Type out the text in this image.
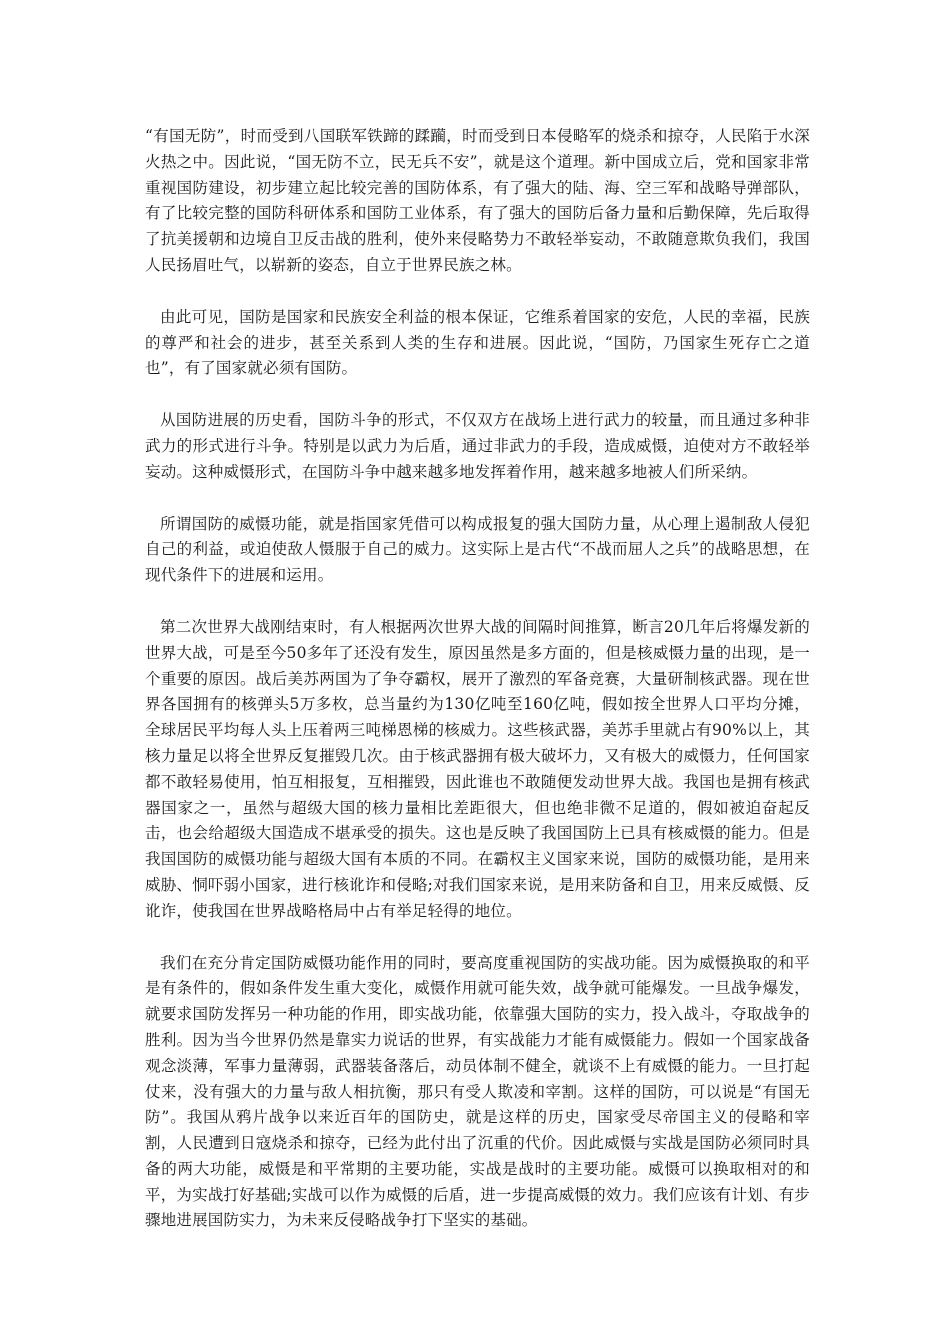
“有国无防”，时而受到八国联军铁蹄的蹂躏，时而受到日本侵略军的烧杀和掠夺，人民陷于水深火热之中。因此说，“国无防不立，民无兵不安”，就是这个道理。新中国成立后，党和国家非常重视国防建设，初步建立起比较完善的国防体系，有了强大的陆、海、空三军和战略导弹部队，有了比较完整的国防科研体系和国防工业体系，有了强大的国防后备力量和后勤保障，先后取得了抗美援朝和边境自卫反击战的胜利，使外来侵略势力不敢轻举妄动，不敢随意欺负我们，我国人民扬眉吐气，以崭新的姿态，自立于世界民族之林。

由此可见，国防是国家和民族安全利益的根本保证，它维系着国家的安危，人民的幸福，民族的尊严和社会的进步，甚至关系到人类的生存和进展。因此说，“国防，乃国家生死存亡之道也”，有了国家就必须有国防。

从国防进展的历史看，国防斗争的形式，不仅双方在战场上进行武力的较量，而且通过多种非武力的形式进行斗争。特别是以武力为后盾，通过非武力的手段，造成威慑，迫使对方不敢轻举妄动。这种威慑形式，在国防斗争中越来越多地发挥着作用，越来越多地被人们所采纳。

所谓国防的威慑功能，就是指国家凭借可以构成报复的强大国防力量，从心理上遏制敌人侵犯自己的利益，或迫使敌人慑服于自己的威力。这实际上是古代“不战而屈人之兵”的战略思想，在现代条件下的进展和运用。

第二次世界大战刚结束时，有人根据两次世界大战的间隔时间推算，断言20几年后将爆发新的世界大战，可是至今50多年了还没有发生，原因虽然是多方面的，但是核威慑力量的出现，是一个重要的原因。战后美苏两国为了争夺霸权，展开了激烈的军备竞赛，大量研制核武器。现在世界各国拥有的核弹头5万多枚，总当量约为130亿吨至160亿吨，假如按全世界人口平均分摊，全球居民平均每人头上压着两三吨梯恩梯的核威力。这些核武器，美苏手里就占有90%以上，其核力量足以将全世界反复摧毁几次。由于核武器拥有极大破坏力，又有极大的威慑力，任何国家都不敢轻易使用，怕互相报复，互相摧毁，因此谁也不敢随便发动世界大战。我国也是拥有核武器国家之一，虽然与超级大国的核力量相比差距很大，但也绝非微不足道的，假如被迫奋起反击，也会给超级大国造成不堪承受的损失。这也是反映了我国国防上已具有核威慑的能力。但是我国国防的威慑功能与超级大国有本质的不同。在霸权主义国家来说，国防的威慑功能，是用来威胁、恫吓弱小国家，进行核讹诈和侵略;对我们国家来说，是用来防备和自卫，用来反威慑、反讹诈，使我国在世界战略格局中占有举足轻得的地位。

我们在充分肯定国防威慑功能作用的同时，要高度重视国防的实战功能。因为威慑换取的和平是有条件的，假如条件发生重大变化，威慑作用就可能失效，战争就可能爆发。一旦战争爆发，就要求国防发挥另一种功能的作用，即实战功能，依靠强大国防的实力，投入战斗，夺取战争的胜利。因为当今世界仍然是靠实力说话的世界，有实战能力才能有威慑能力。假如一个国家战备观念淡薄，军事力量薄弱，武器装备落后，动员体制不健全，就谈不上有威慑的能力。一旦打起仗来，没有强大的力量与敌人相抗衡，那只有受人欺凌和宰割。这样的国防，可以说是“有国无防”。我国从鸦片战争以来近百年的国防史，就是这样的历史，国家受尽帝国主义的侵略和宰割，人民遭到日寇烧杀和掠夺，已经为此付出了沉重的代价。因此威慑与实战是国防必须同时具备的两大功能，威慑是和平常期的主要功能，实战是战时的主要功能。威慑可以换取相对的和平，为实战打好基础;实战可以作为威慑的后盾，进一步提高威慑的效力。我们应该有计划、有步骤地进展国防实力，为未来反侵略战争打下坚实的基础。
